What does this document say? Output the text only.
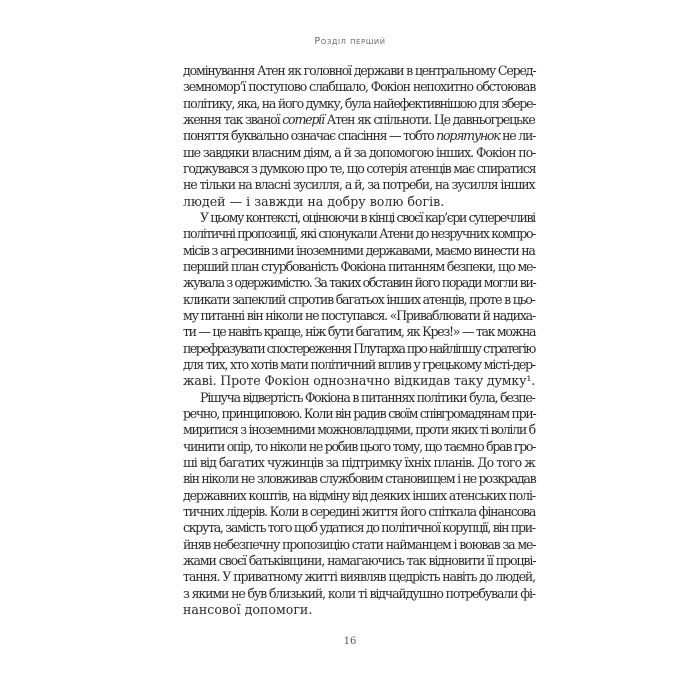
Розділ перший
домінування Атен як головної держави в центральному Серед-
земномор’ї поступово слабшало, Фокіон непохитно обстоював
політику, яка, на його думку, була найефективнішою для збере-
ження так званої сотерії Атен як спільноти. Це давньогрецьке
поняття буквально означає спасіння — тобто порятунок не ли-
ше завдяки власним діям, а й за допомогою інших. Фокіон по-
годжувався з думкою про те, що сотерія атенців має спиратися
не тільки на власні зусилля, а й, за потреби, на зусилля інших
людей — і завжди на добру волю богів.
У цьому контексті, оцінюючи в кінці своєї кар’єри суперечливі
політичні пропозиції, які спонукали Атени до незручних компро-
місів з агресивними іноземними державами, маємо винести на
перший план стурбованість Фокіона питанням безпеки, що ме-
жувала з одержимістю. За таких обставин його поради могли ви-
кликати запеклий спротив багатьох інших атенців, проте в цьо-
му питанні він ніколи не поступався. «Приваблювати й надиха-
ти — це навіть краще, ніж бути багатим, як Крез!» — так можна
перефразувати спостереження Плутарха про найліпшу стратегію
для тих, хто хотів мати політичний вплив у грецькому місті-дер-
жаві. Проте Фокіон однозначно відкидав таку думку¹.
Рішуча відвертість Фокіона в питаннях політики була, безпе-
речно, принциповою. Коли він радив своїм співгромадянам при-
миритися з іноземними можновладцями, проти яких ті воліли б
чинити опір, то ніколи не робив цього тому, що таємно брав гро-
ші від багатих чужинців за підтримку їхніх планів. До того ж
він ніколи не зловживав службовим становищем і не розкрадав
державних коштів, на відміну від деяких інших атенських полі-
тичних лідерів. Коли в середині життя його спіткала фінансова
скрута, замість того щоб удатися до політичної корупції, він при-
йняв небезпечну пропозицію стати найманцем і воював за ме-
жами своєї батьківщини, намагаючись так відновити її процві-
тання. У приватному житті виявляв щедрість навіть до людей,
з якими не був близький, коли ті відчайдушно потребували фі-
нансової допомоги.
16
